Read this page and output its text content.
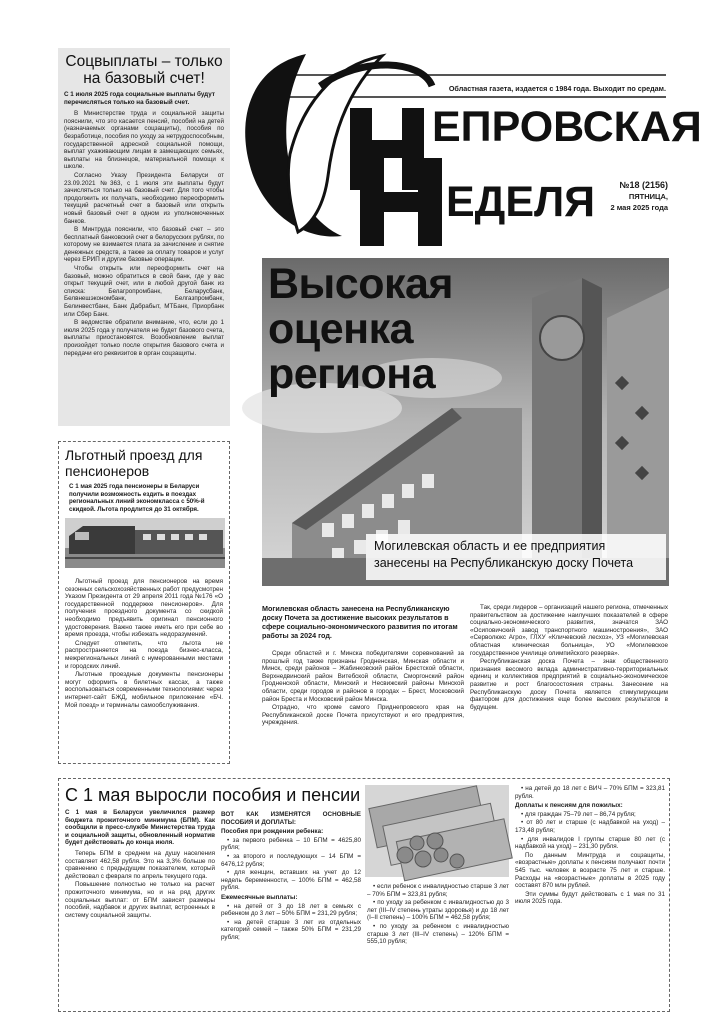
Соцвыплаты – только на базовый счет!
С 1 июля 2025 года социальные выплаты будут перечисляться только на базовый счет.

В Министерстве труда и социальной защиты пояснили, что это касается пенсий, пособий на детей (назначаемых органами соцзащиты), пособия по безработице, пособия по уходу за нетрудоспособным, государственной адресной социальной помощи, выплат ухаживающим лицам в замещающих семьях, выплаты на близнецов, материальной помощи к школе.

Согласно Указу Президента Беларуси от 23.09.2021 №363, с 1 июля эти выплаты будут зачисляться только на базовый счет. Для того чтобы продолжить их получать, необходимо переоформить текущий расчетный счет в базовый или открыть новый базовый счет в одном из уполномоченных банков.

В Минтруда пояснили, что базовый счет – это бесплатный банковский счет в белорусских рублях, по которому не взимается плата за зачисление и снятие денежных средств, а также за оплату товаров и услуг через ЕРИП и другие базовые операции.

Чтобы открыть или переоформить счет на базовый, можно обратиться в свой банк, где у вас открыт текущий счет, или в любой другой банк из списка: Белагропромбанк, Беларусбанк, Белвнешэкономбанк, Белгазпромбанк, Белинвестбанк, Банк Дабрабыт, МТБанк, Приорбанк или Сбер Банк.

В ведомстве обратили внимание, что, если до 1 июля 2025 года у получателя не будет базового счета, выплаты приостановятся. Возобновление выплат произойдет только после открытия базового счета и передачи его реквизитов в орган соцзащиты.

Областная газета, издается с 1984 года. Выходит по средам.
ЕПРОВСКАЯ
ЕДЕЛЯ	№18 (2156)
ПЯТНИЦА,
2 мая 2025 года
Высокая
оценка
региона
Могилевская область и ее предприятия занесены на Республиканскую доску Почета
Льготный проезд для пенсионеров
С 1 мая 2025 года пенсионеры в Беларуси получили возможность ездить в поездах региональных линий экономкласса с 50%-й скидкой. Льгота продлится до 31 октября.

Льготный проезд для пенсионеров на время сезонных сельскохозяйственных работ предусмотрен Указом Президента от 29 апреля 2011 года №176 «О государственной поддержке пенсионеров». Для получения проездного документа со скидкой необходимо предъявить оригинал пенсионного удостоверения. Важно также иметь его при себе во время проезда, чтобы избежать недоразумений.

Следует отметить, что льгота не распространяется на поезда бизнес-класса, межрегиональных линий с нумерованными местами и городских линий.

Льготные проездные документы пенсионеры могут оформить в билетных кассах, а также воспользоваться современными технологиями: через интернет-сайт БЖД, мобильное приложение «БЧ. Мой поезд» и терминалы самообслуживания.

Могилевская область занесена на Республиканскую доску Почета за достижение высоких результатов в сфере социально-экономического развития по итогам работы за 2024 год.

Среди областей и г. Минска победителями соревнований за прошлый год также признаны Гродненская, Минская области и Минск, среди районов – Жабинковский район Брестской области, Верхнедвинский район Витебской области, Сморгонский район Гродненской области, Минский и Несвижский районы Минской области, среди городов и районов в городах – Брест, Московский район Бреста и Московский район Минска.

Отрадно, что кроме самого Приднепровского края на Республиканской доске Почета присутствуют и его предприятия, учреждения.

Так, среди лидеров – организаций нашего региона, отмеченных правительством за достижение наилучших показателей в сфере социально-экономического развития, значатся ЗАО «Осиповичский завод транспортного машиностроения», ЗАО «Серволюкс Агро», ГЛХУ «Кличевский лесхоз», УЗ «Могилевская областная клиническая больница», УО «Могилевское государственное училище олимпийского резерва».

Республиканская доска Почета – знак общественного признания весомого вклада административно-территориальных единиц и коллективов предприятий в социально-экономическое развитие и рост благосостояния страны. Занесение на Республиканскую доску Почета является стимулирующим фактором для достижения еще более высоких результатов в будущем.

С 1 мая выросли пособия и пенсии
С 1 мая в Беларуси увеличился размер бюджета прожиточного минимума (БПМ). Как сообщили в пресс-службе Министерства труда и социальной защиты, обновленный норматив будет действовать до конца июля.

Теперь БПМ в среднем на душу населения составляет 462,58 рубля. Это на 3,3% больше по сравнению с предыдущим показателем, который действовал с февраля по апрель текущего года.

Повышение полностью не только на расчет прожиточного минимума, но и на ряд других социальных выплат: от БПМ зависят размеры пособий, надбавок и других выплат, встроенных в систему социальной защиты.

ВОТ КАК ИЗМЕНЯТСЯ ОСНОВНЫЕ ПОСОБИЯ И ДОПЛАТЫ:

Пособия при рождении ребенка:

• за первого ребенка – 10 БПМ = 4625,80 рубля;

• за второго и последующих – 14 БПМ = 6476,12 рубля;

• для женщин, вставших на учет до 12 недель беременности, – 100% БПМ = 462,58 рубля.

Ежемесячные выплаты:

• на детей от 3 до 18 лет в семьях с ребенком до 3 лет – 50% БПМ = 231,29 рубля;

• на детей старше 3 лет из отдельных категорий семей – также 50% БПМ = 231,29 рубля;

• если ребенок с инвалидностью старше 3 лет – 70% БПМ = 323,81 рубля;

• по уходу за ребенком с инвалидностью до 3 лет (III–IV степень утраты здоровья) и до 18 лет (I–II степень) – 100% БПМ = 462,58 рубля;

• по уходу за ребенком с инвалидностью старше 3 лет (III–IV степень) – 120% БПМ = 555,10 рубля;

• на детей до 18 лет с ВИЧ – 70% БПМ = 323,81 рубля.

Доплаты к пенсиям для пожилых:

• для граждан 75–79 лет – 86,74 рубля;

• от 80 лет и старше (с надбавкой на уход) – 173,48 рубля;

• для инвалидов I группы старше 80 лет (с надбавкой на уход) – 231,30 рубля.

По данным Минтруда и соцзащиты, «возрастные» доплаты к пенсиям получают почти 545 тыс. человек в возрасте 75 лет и старше. Расходы на «возрастные» доплаты в 2025 году составят 870 млн рублей.

Эти суммы будут действовать с 1 мая по 31 июля 2025 года.
